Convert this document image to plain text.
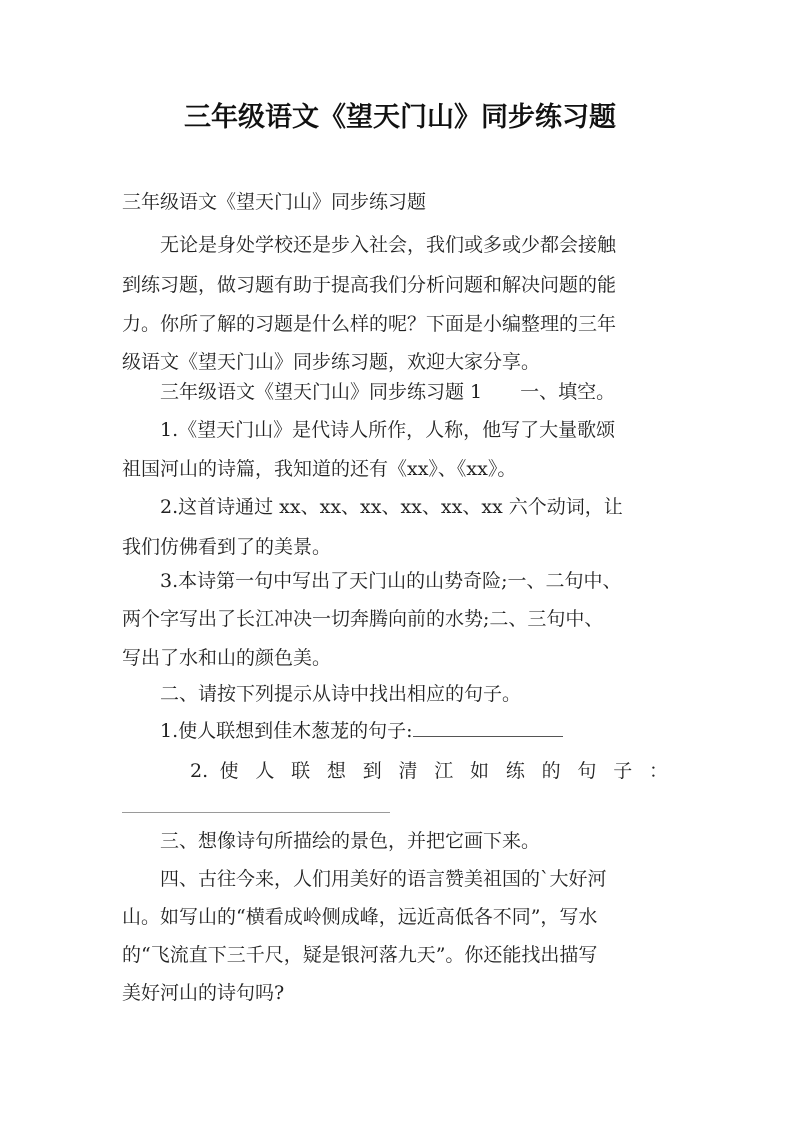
三年级语文《望天门山》同步练习题
三年级语文《望天门山》同步练习题
无论是身处学校还是步入社会，我们或多或少都会接触
到练习题，做习题有助于提高我们分析问题和解决问题的能
力。你所了解的习题是什么样的呢？下面是小编整理的三年
级语文《望天门山》同步练习题，欢迎大家分享。
三年级语文《望天门山》同步练习题 1　　一、填空。
1.《望天门山》是代诗人所作，人称，他写了大量歌颂
祖国河山的诗篇，我知道的还有《xx》、《xx》。
2.这首诗通过 xx、xx、xx、xx、xx、xx 六个动词，让
我们仿佛看到了的美景。
3.本诗第一句中写出了天门山的山势奇险;一、二句中、
两个字写出了长江冲决一切奔腾向前的水势;二、三句中、
写出了水和山的颜色美。
二、请按下列提示从诗中找出相应的句子。
1.使人联想到佳木葱茏的句子:
2. 使 人 联 想 到 清 江 如 练 的 句 子 ：
三、想像诗句所描绘的景色，并把它画下来。
四、古往今来，人们用美好的语言赞美祖国的`大好河
山。如写山的“横看成岭侧成峰，远近高低各不同”，写水
的“飞流直下三千尺，疑是银河落九天”。你还能找出描写
美好河山的诗句吗?
